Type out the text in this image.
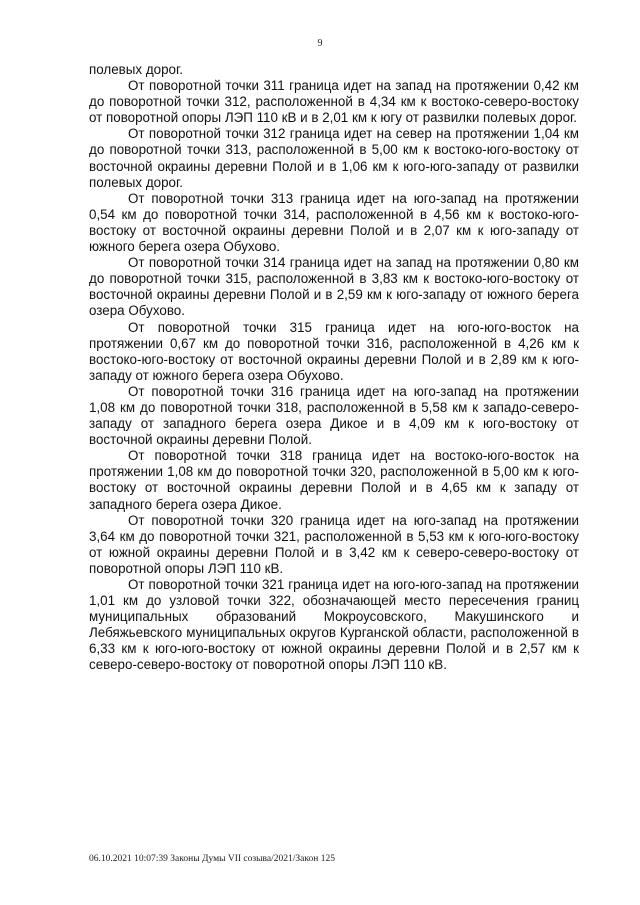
9

полевых дорог.

От поворотной точки 311 граница идет на запад на протяжении 0,42 км до поворотной точки 312, расположенной в 4,34 км к востоко-северо-востоку от поворотной опоры ЛЭП 110 кВ и в 2,01 км к югу от развилки полевых дорог.

От поворотной точки 312 граница идет на север на протяжении 1,04 км до поворотной точки 313, расположенной в 5,00 км к востоко-юго-востоку от восточной окраины деревни Полой и в 1,06 км к юго-юго-западу от развилки полевых дорог.

От поворотной точки 313 граница идет на юго-запад на протяжении 0,54 км до поворотной точки 314, расположенной в 4,56 км к востоко-юго-востоку от восточной окраины деревни Полой и в 2,07 км к юго-западу от южного берега озера Обухово.

От поворотной точки 314 граница идет на запад на протяжении 0,80 км до поворотной точки 315, расположенной в 3,83 км к востоко-юго-востоку от восточной окраины деревни Полой и в 2,59 км к юго-западу от южного берега озера Обухово.

От поворотной точки 315 граница идет на юго-юго-восток на протяжении 0,67 км до поворотной точки 316, расположенной в 4,26 км к востоко-юго-востоку от восточной окраины деревни Полой и в 2,89 км к юго-западу от южного берега озера Обухово.

От поворотной точки 316 граница идет на юго-запад на протяжении 1,08 км до поворотной точки 318, расположенной в 5,58 км к западо-северо-западу от западного берега озера Дикое и в 4,09 км к юго-востоку от восточной окраины деревни Полой.

От поворотной точки 318 граница идет на востоко-юго-восток на протяжении 1,08 км до поворотной точки 320, расположенной в 5,00 км к юго-востоку от восточной окраины деревни Полой и в 4,65 км к западу от западного берега озера Дикое.

От поворотной точки 320 граница идет на юго-запад на протяжении 3,64 км до поворотной точки 321, расположенной в 5,53 км к юго-юго-востоку от южной окраины деревни Полой и в 3,42 км к северо-северо-востоку от поворотной опоры ЛЭП 110 кВ.

От поворотной точки 321 граница идет на юго-юго-запад на протяжении 1,01 км до узловой точки 322, обозначающей место пересечения границ муниципальных образований Мокроусовского, Макушинского и Лебяжьевского муниципальных округов Курганской области, расположенной в 6,33 км к юго-юго-востоку от южной окраины деревни Полой и в 2,57 км к северо-северо-востоку от поворотной опоры ЛЭП 110 кВ.

06.10.2021 10:07:39 Законы Думы VII созыва/2021/Закон 125
